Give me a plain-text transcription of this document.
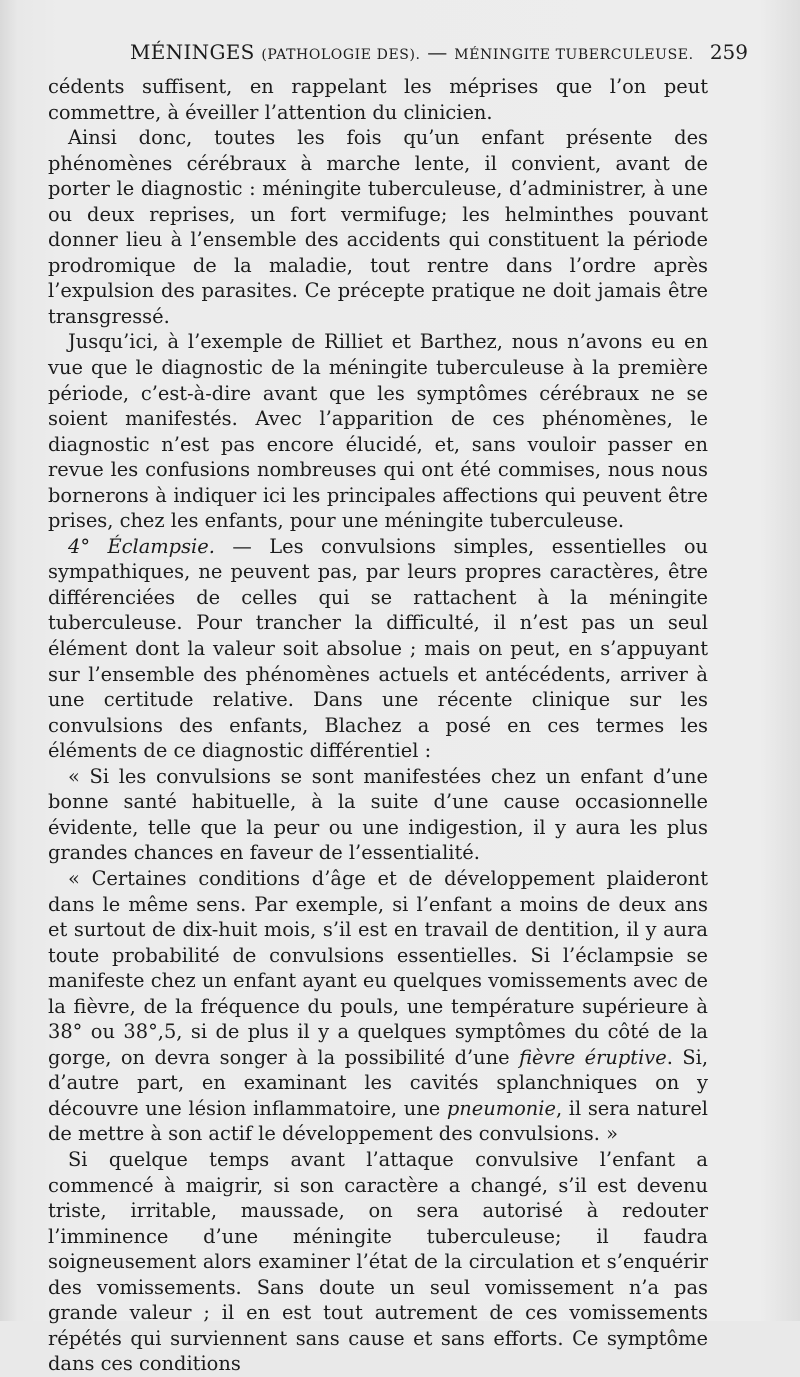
MÉNINGES (PATHOLOGIE DES). — MÉNINGITE TUBERCULEUSE. 259

cédents suffisent, en rappelant les méprises que l’on peut commettre, à éveiller l’attention du clinicien.

Ainsi donc, toutes les fois qu’un enfant présente des phénomènes cérébraux à marche lente, il convient, avant de porter le diagnostic : méningite tuberculeuse, d’administrer, à une ou deux reprises, un fort vermifuge; les helminthes pouvant donner lieu à l’ensemble des accidents qui constituent la période prodromique de la maladie, tout rentre dans l’ordre après l’expulsion des parasites. Ce précepte pratique ne doit jamais être transgressé.

Jusqu’ici, à l’exemple de Rilliet et Barthez, nous n’avons eu en vue que le diagnostic de la méningite tuberculeuse à la première période, c’est-à-dire avant que les symptômes cérébraux ne se soient manifestés. Avec l’apparition de ces phénomènes, le diagnostic n’est pas encore élucidé, et, sans vouloir passer en revue les confusions nombreuses qui ont été commises, nous nous bornerons à indiquer ici les principales affections qui peuvent être prises, chez les enfants, pour une méningite tuberculeuse.

4° Éclampsie. — Les convulsions simples, essentielles ou sympathiques, ne peuvent pas, par leurs propres caractères, être différenciées de celles qui se rattachent à la méningite tuberculeuse. Pour trancher la difficulté, il n’est pas un seul élément dont la valeur soit absolue ; mais on peut, en s’appuyant sur l’ensemble des phénomènes actuels et antécédents, arriver à une certitude relative. Dans une récente clinique sur les convulsions des enfants, Blachez a posé en ces termes les éléments de ce diagnostic différentiel :

« Si les convulsions se sont manifestées chez un enfant d’une bonne santé habituelle, à la suite d’une cause occasionnelle évidente, telle que la peur ou une indigestion, il y aura les plus grandes chances en faveur de l’essentialité.

« Certaines conditions d’âge et de développement plaideront dans le même sens. Par exemple, si l’enfant a moins de deux ans et surtout de dix-huit mois, s’il est en travail de dentition, il y aura toute probabilité de convulsions essentielles. Si l’éclampsie se manifeste chez un enfant ayant eu quelques vomissements avec de la fièvre, de la fréquence du pouls, une température supérieure à 38° ou 38°,5, si de plus il y a quelques symptômes du côté de la gorge, on devra songer à la possibilité d’une fièvre éruptive. Si, d’autre part, en examinant les cavités splanchniques on y découvre une lésion inflammatoire, une pneumonie, il sera naturel de mettre à son actif le développement des convulsions. »

Si quelque temps avant l’attaque convulsive l’enfant a commencé à maigrir, si son caractère a changé, s’il est devenu triste, irritable, maussade, on sera autorisé à redouter l’imminence d’une méningite tuberculeuse; il faudra soigneusement alors examiner l’état de la circulation et s’enquérir des vomissements. Sans doute un seul vomissement n’a pas grande valeur ; il en est tout autrement de ces vomissements répétés qui surviennent sans cause et sans efforts. Ce symptôme dans ces conditions
